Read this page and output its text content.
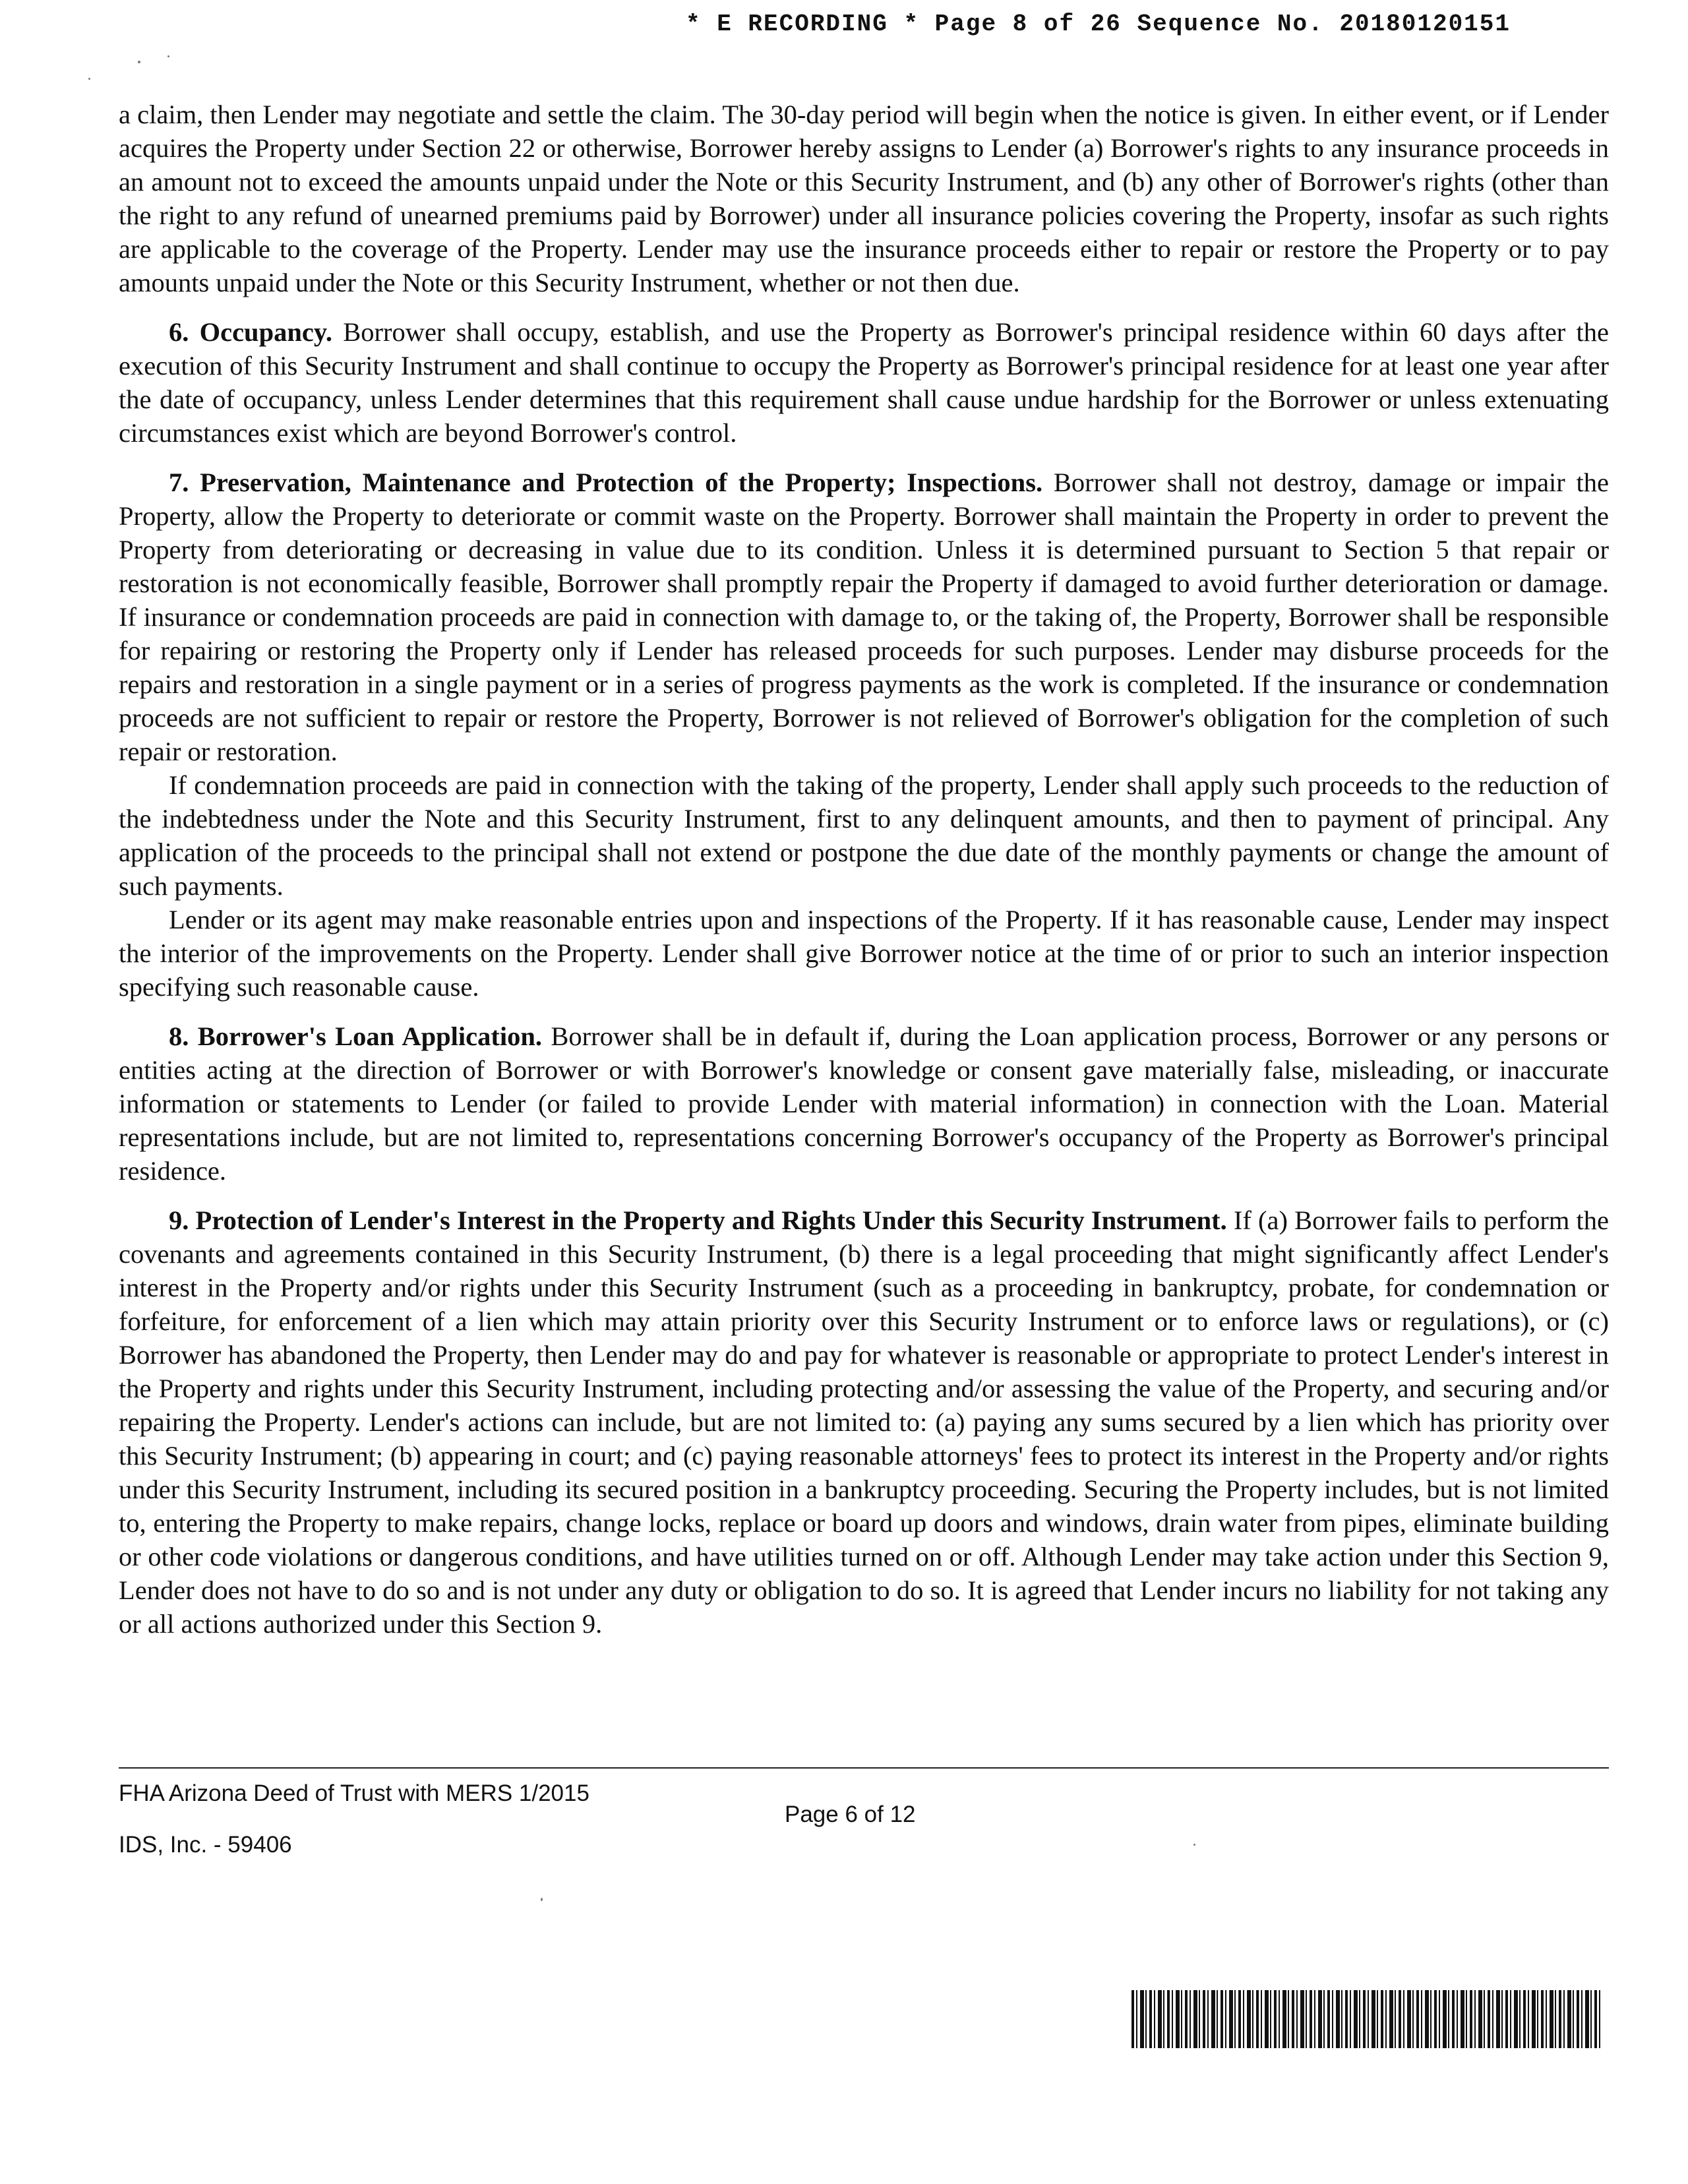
* E RECORDING * Page 8 of 26 Sequence No. 20180120151

a claim, then Lender may negotiate and settle the claim. The 30-day period will begin when the notice is given. In either event, or if Lender acquires the Property under Section 22 or otherwise, Borrower hereby assigns to Lender (a) Borrower's rights to any insurance proceeds in an amount not to exceed the amounts unpaid under the Note or this Security Instrument, and (b) any other of Borrower's rights (other than the right to any refund of unearned premiums paid by Borrower) under all insurance policies covering the Property, insofar as such rights are applicable to the coverage of the Property. Lender may use the insurance proceeds either to repair or restore the Property or to pay amounts unpaid under the Note or this Security Instrument, whether or not then due.

6. Occupancy. Borrower shall occupy, establish, and use the Property as Borrower's principal residence within 60 days after the execution of this Security Instrument and shall continue to occupy the Property as Borrower's principal residence for at least one year after the date of occupancy, unless Lender determines that this requirement shall cause undue hardship for the Borrower or unless extenuating circumstances exist which are beyond Borrower's control.

7. Preservation, Maintenance and Protection of the Property; Inspections. Borrower shall not destroy, damage or impair the Property, allow the Property to deteriorate or commit waste on the Property. Borrower shall maintain the Property in order to prevent the Property from deteriorating or decreasing in value due to its condition. Unless it is determined pursuant to Section 5 that repair or restoration is not economically feasible, Borrower shall promptly repair the Property if damaged to avoid further deterioration or damage. If insurance or condemnation proceeds are paid in connection with damage to, or the taking of, the Property, Borrower shall be responsible for repairing or restoring the Property only if Lender has released proceeds for such purposes. Lender may disburse proceeds for the repairs and restoration in a single payment or in a series of progress payments as the work is completed. If the insurance or condemnation proceeds are not sufficient to repair or restore the Property, Borrower is not relieved of Borrower's obligation for the completion of such repair or restoration.

If condemnation proceeds are paid in connection with the taking of the property, Lender shall apply such proceeds to the reduction of the indebtedness under the Note and this Security Instrument, first to any delinquent amounts, and then to payment of principal. Any application of the proceeds to the principal shall not extend or postpone the due date of the monthly payments or change the amount of such payments.

Lender or its agent may make reasonable entries upon and inspections of the Property. If it has reasonable cause, Lender may inspect the interior of the improvements on the Property. Lender shall give Borrower notice at the time of or prior to such an interior inspection specifying such reasonable cause.

8. Borrower's Loan Application. Borrower shall be in default if, during the Loan application process, Borrower or any persons or entities acting at the direction of Borrower or with Borrower's knowledge or consent gave materially false, misleading, or inaccurate information or statements to Lender (or failed to provide Lender with material information) in connection with the Loan. Material representations include, but are not limited to, representations concerning Borrower's occupancy of the Property as Borrower's principal residence.

9. Protection of Lender's Interest in the Property and Rights Under this Security Instrument. If (a) Borrower fails to perform the covenants and agreements contained in this Security Instrument, (b) there is a legal proceeding that might significantly affect Lender's interest in the Property and/or rights under this Security Instrument (such as a proceeding in bankruptcy, probate, for condemnation or forfeiture, for enforcement of a lien which may attain priority over this Security Instrument or to enforce laws or regulations), or (c) Borrower has abandoned the Property, then Lender may do and pay for whatever is reasonable or appropriate to protect Lender's interest in the Property and rights under this Security Instrument, including protecting and/or assessing the value of the Property, and securing and/or repairing the Property. Lender's actions can include, but are not limited to: (a) paying any sums secured by a lien which has priority over this Security Instrument; (b) appearing in court; and (c) paying reasonable attorneys' fees to protect its interest in the Property and/or rights under this Security Instrument, including its secured position in a bankruptcy proceeding. Securing the Property includes, but is not limited to, entering the Property to make repairs, change locks, replace or board up doors and windows, drain water from pipes, eliminate building or other code violations or dangerous conditions, and have utilities turned on or off. Although Lender may take action under this Section 9, Lender does not have to do so and is not under any duty or obligation to do so. It is agreed that Lender incurs no liability for not taking any or all actions authorized under this Section 9.

FHA Arizona Deed of Trust with MERS 1/2015
Page 6 of 12
IDS, Inc. - 59406
